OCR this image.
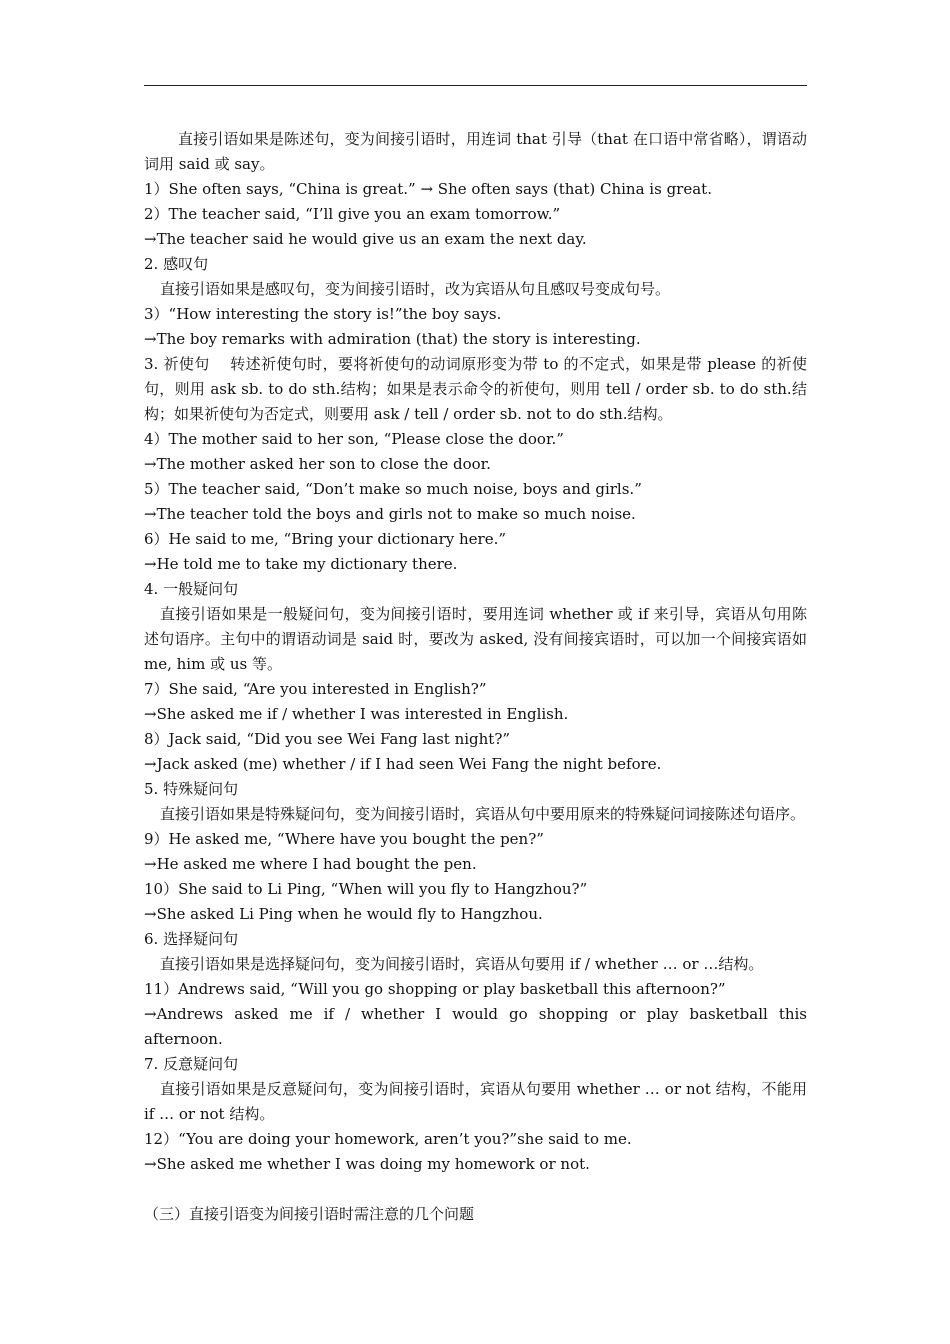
直接引语如果是陈述句，变为间接引语时，用连词 that 引导（that 在口语中常省略），谓语动词用 said 或 say。

1）She often says, “China is great.” → She often says (that) China is great.

2）The teacher said, “I’ll give you an exam tomorrow.”

→The teacher said he would give us an exam the next day.

2. 感叹句

直接引语如果是感叹句，变为间接引语时，改为宾语从句且感叹号变成句号。

3）“How interesting the story is!”the boy says.

→The boy remarks with admiration (that) the story is interesting.

3. 祈使句　 转述祈使句时，要将祈使句的动词原形变为带 to 的不定式，如果是带 please 的祈使句，则用 ask sb. to do sth.结构；如果是表示命令的祈使句，则用 tell / order sb. to do sth.结构；如果祈使句为否定式，则要用 ask / tell / order sb. not to do sth.结构。

4）The mother said to her son, “Please close the door.”

→The mother asked her son to close the door.

5）The teacher said, “Don’t make so much noise, boys and girls.”

→The teacher told the boys and girls not to make so much noise.

6）He said to me, “Bring your dictionary here.”

→He told me to take my dictionary there.

4. 一般疑问句

直接引语如果是一般疑问句，变为间接引语时，要用连词 whether 或 if 来引导，宾语从句用陈述句语序。主句中的谓语动词是 said 时，要改为 asked, 没有间接宾语时，可以加一个间接宾语如 me, him 或 us 等。

7）She said, “Are you interested in English?”

→She asked me if / whether I was interested in English.

8）Jack said, “Did you see Wei Fang last night?”

→Jack asked (me) whether / if I had seen Wei Fang the night before.

5. 特殊疑问句

直接引语如果是特殊疑问句，变为间接引语时，宾语从句中要用原来的特殊疑问词接陈述句语序。

9）He asked me, “Where have you bought the pen?”

→He asked me where I had bought the pen.

10）She said to Li Ping, “When will you fly to Hangzhou?”

→She asked Li Ping when he would fly to Hangzhou.

6. 选择疑问句

直接引语如果是选择疑问句，变为间接引语时，宾语从句要用 if / whether … or …结构。

11）Andrews said, “Will you go shopping or play basketball this afternoon?”

→Andrews asked me if / whether I would go shopping or play basketball this afternoon.

7. 反意疑问句

直接引语如果是反意疑问句，变为间接引语时，宾语从句要用 whether … or not 结构，不能用 if … or not 结构。

12）“You are doing your homework, aren’t you?”she said to me.

→She asked me whether I was doing my homework or not.

（三）直接引语变为间接引语时需注意的几个问题
